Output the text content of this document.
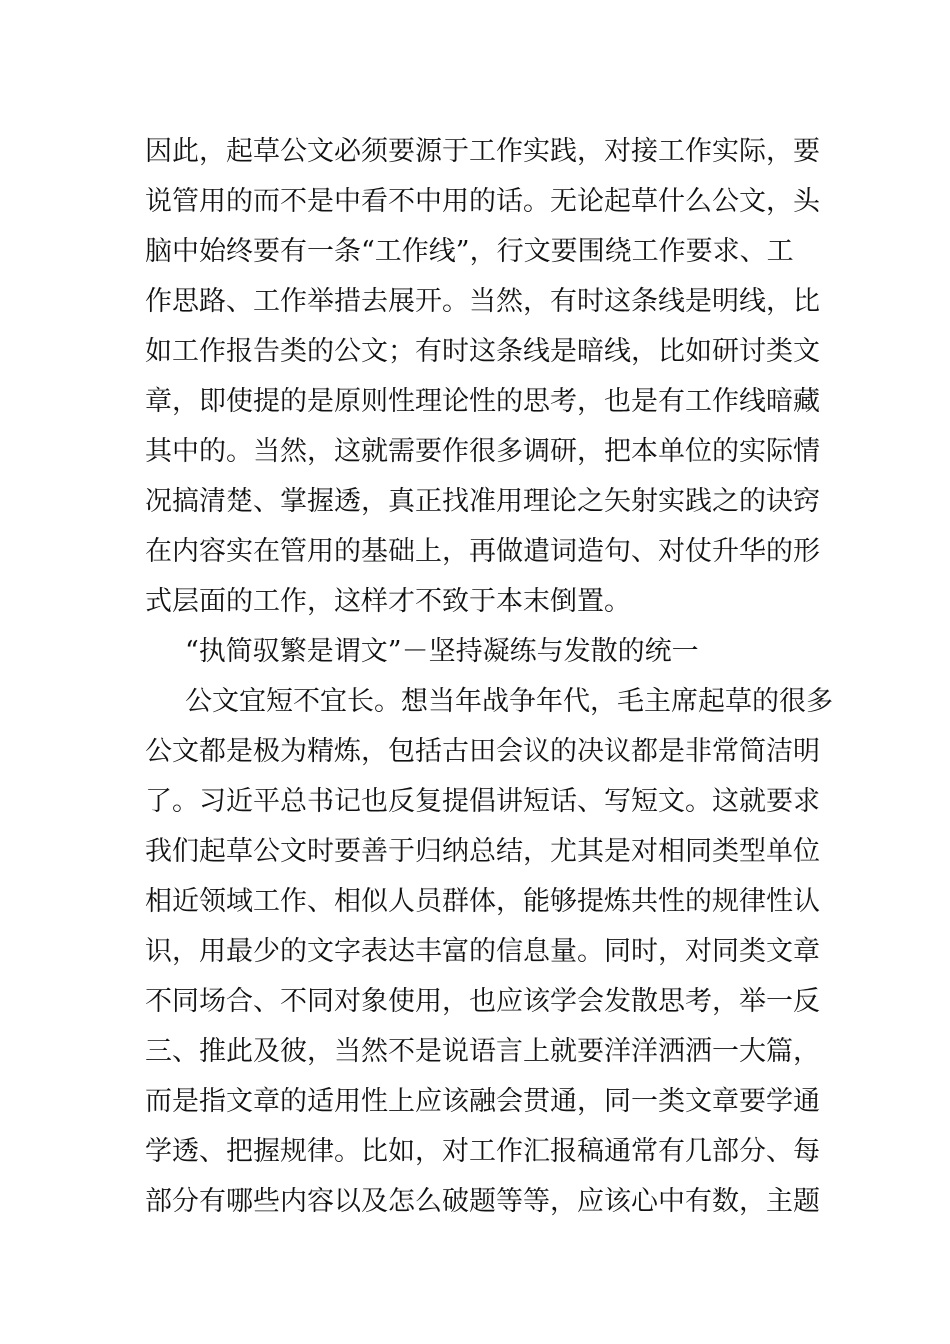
因此，起草公文必须要源于工作实践，对接工作实际，要
说管用的而不是中看不中用的话。无论起草什么公文，头
脑中始终要有一条“工作线”，行文要围绕工作要求、工
作思路、工作举措去展开。当然，有时这条线是明线，比
如工作报告类的公文；有时这条线是暗线，比如研讨类文
章，即使提的是原则性理论性的思考，也是有工作线暗藏
其中的。当然，这就需要作很多调研，把本单位的实际情
况搞清楚、掌握透，真正找准用理论之矢射实践之的诀窍
在内容实在管用的基础上，再做遣词造句、对仗升华的形
式层面的工作，这样才不致于本末倒置。
“执简驭繁是谓文”－坚持凝练与发散的统一
公文宜短不宜长。想当年战争年代，毛主席起草的很多
公文都是极为精炼，包括古田会议的决议都是非常简洁明
了。习近平总书记也反复提倡讲短话、写短文。这就要求
我们起草公文时要善于归纳总结，尤其是对相同类型单位
相近领域工作、相似人员群体，能够提炼共性的规律性认
识，用最少的文字表达丰富的信息量。同时，对同类文章
不同场合、不同对象使用，也应该学会发散思考，举一反
三、推此及彼，当然不是说语言上就要洋洋洒洒一大篇，
而是指文章的适用性上应该融会贯通，同一类文章要学通
学透、把握规律。比如，对工作汇报稿通常有几部分、每
部分有哪些内容以及怎么破题等等，应该心中有数，主题
